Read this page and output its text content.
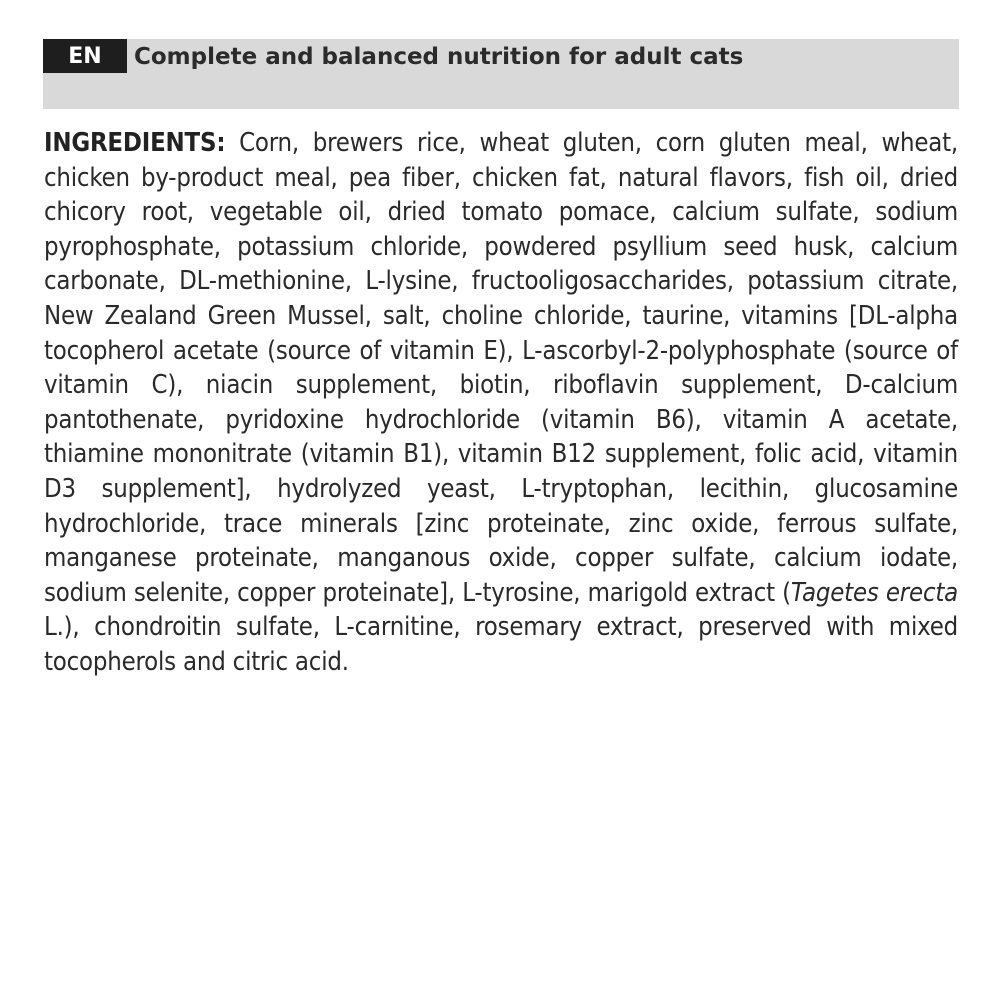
EN	Complete and balanced nutrition for adult cats

INGREDIENTS: Corn, brewers rice, wheat gluten, corn gluten meal, wheat, chicken by-product meal, pea fiber, chicken fat, natural flavors, fish oil, dried chicory root, vegetable oil, dried tomato pomace, calcium sulfate, sodium pyrophosphate, potassium chloride, powdered psyllium seed husk, calcium carbonate, DL-methionine, L-lysine, fructooligosaccharides, potassium citrate, New Zealand Green Mussel, salt, choline chloride, taurine, vitamins [DL-alpha tocopherol acetate (source of vitamin E), L-ascorbyl-2-polyphosphate (source of vitamin C), niacin supplement, biotin, riboflavin supplement, D-calcium pantothenate, pyridoxine hydrochloride (vitamin B6), vitamin A acetate, thiamine mononitrate (vitamin B1), vitamin B12 supplement, folic acid, vitamin D3 supplement], hydrolyzed yeast, L-tryptophan, lecithin, glucosamine hydrochloride, trace minerals [zinc proteinate, zinc oxide, ferrous sulfate, manganese proteinate, manganous oxide, copper sulfate, calcium iodate, sodium selenite, copper proteinate], L-tyrosine, marigold extract (Tagetes erecta L.), chondroitin sulfate, L-carnitine, rosemary extract, preserved with mixed tocopherols and citric acid.
